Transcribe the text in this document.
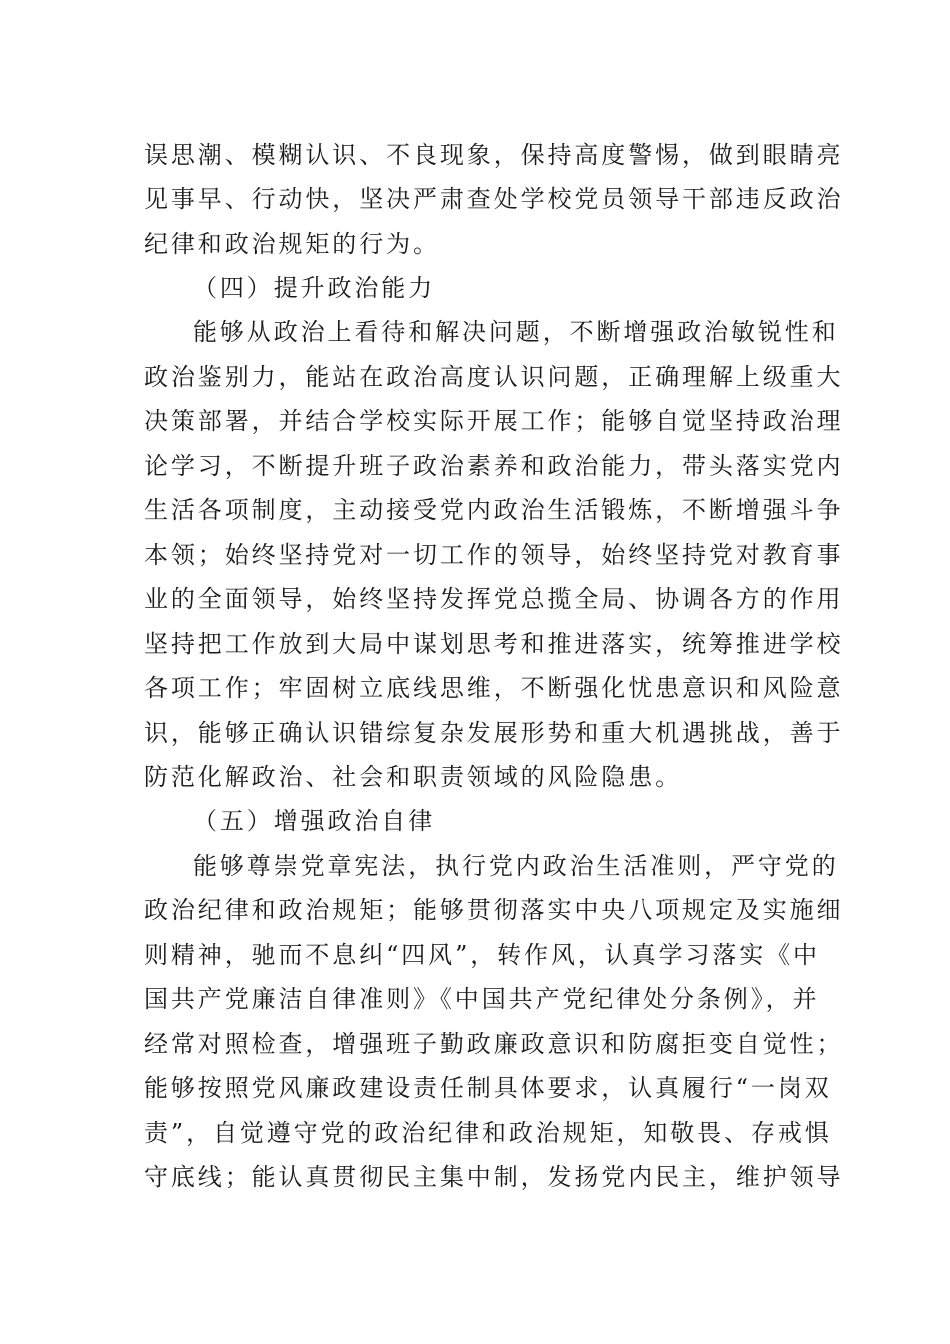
误思潮、模糊认识、不良现象，保持高度警惕，做到眼睛亮
见事早、行动快，坚决严肃查处学校党员领导干部违反政治
纪律和政治规矩的行为。
（四）提升政治能力
能够从政治上看待和解决问题，不断增强政治敏锐性和
政治鉴别力，能站在政治高度认识问题，正确理解上级重大
决策部署，并结合学校实际开展工作；能够自觉坚持政治理
论学习，不断提升班子政治素养和政治能力，带头落实党内
生活各项制度，主动接受党内政治生活锻炼，不断增强斗争
本领；始终坚持党对一切工作的领导，始终坚持党对教育事
业的全面领导，始终坚持发挥党总揽全局、协调各方的作用
坚持把工作放到大局中谋划思考和推进落实，统筹推进学校
各项工作；牢固树立底线思维，不断强化忧患意识和风险意
识，能够正确认识错综复杂发展形势和重大机遇挑战，善于
防范化解政治、社会和职责领域的风险隐患。
（五）增强政治自律
能够尊崇党章宪法，执行党内政治生活准则，严守党的
政治纪律和政治规矩；能够贯彻落实中央八项规定及实施细
则精神，驰而不息纠“四风”，转作风，认真学习落实《中
国共产党廉洁自律准则》《中国共产党纪律处分条例》，并
经常对照检查，增强班子勤政廉政意识和防腐拒变自觉性；
能够按照党风廉政建设责任制具体要求，认真履行“一岗双
责”，自觉遵守党的政治纪律和政治规矩，知敬畏、存戒惧
守底线；能认真贯彻民主集中制，发扬党内民主，维护领导
